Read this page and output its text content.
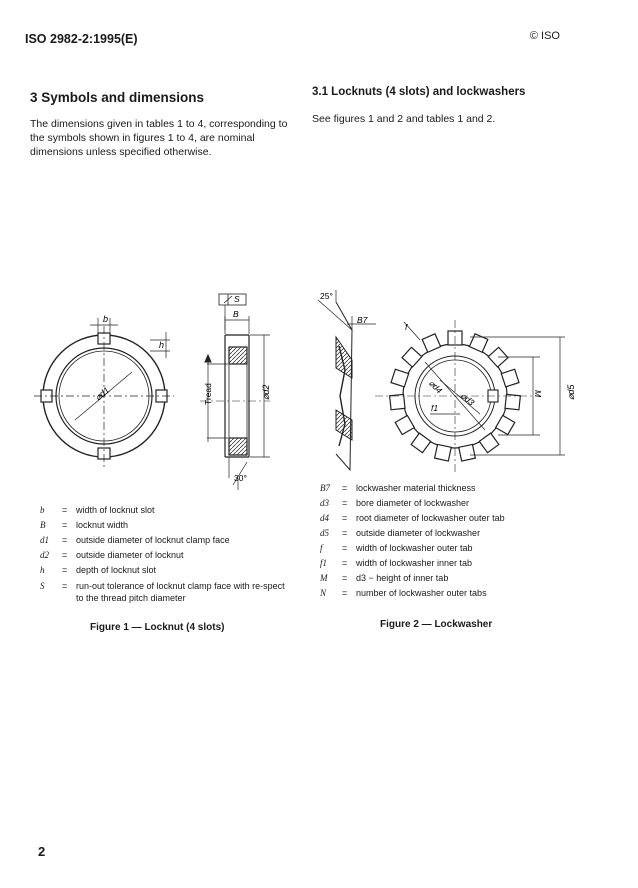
ISO 2982-2:1995(E)	© ISO
3 Symbols and dimensions
The dimensions given in tables 1 to 4, corresponding to the symbols shown in figures 1 to 4, are nominal dimensions unless specified otherwise.
3.1 Locknuts (4 slots) and lockwashers
See figures 1 and 2 and tables 1 and 2.
b
h
⌀d1
S
B
Tread	⌀d2
30°
25°
B7
f
⌀d4
⌀d3
f1
M	⌀d5
b	= width of locknut slot
B	= locknut width
d1	= outside diameter of locknut clamp face
d2	= outside diameter of locknut
h	= depth of locknut slot
S	= run-out tolerance of locknut clamp face with re-spect to the thread pitch diameter
Figure 1 — Locknut (4 slots)
B7	= lockwasher material thickness
d3	= bore diameter of lockwasher
d4	= root diameter of lockwasher outer tab
d5	= outside diameter of lockwasher
f	= width of lockwasher outer tab
f1	= width of lockwasher inner tab
M	= d3 − height of inner tab
N	= number of lockwasher outer tabs
Figure 2 — Lockwasher
2
